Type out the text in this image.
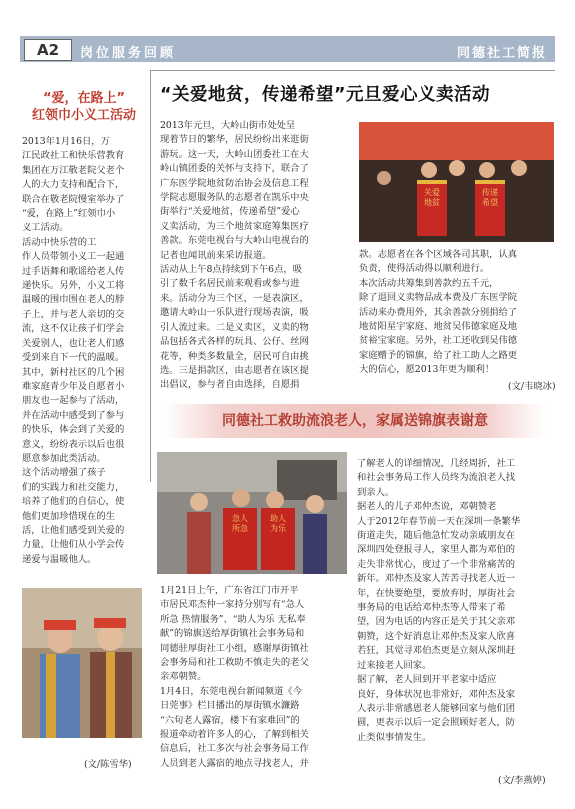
A2	岗位服务回顾	同德社工简报
“爱，在路上”
红领巾小义工活动
2013年1月16日，万
江民政社工和快乐营教育
集团在万江敬老院父老个
人的大力支持和配合下，
联合在敬老院慢室举办了
“爱，在路上”红领巾小
义工活动。
活动中快乐营的工
作人员带领小义工一起通
过手语舞和歌谣给老人传
递快乐。另外，小义工将
温暖的围巾围在老人的脖
子上，并与老人亲切的交
流，这不仅让孩子们学会
关爱别人，也让老人们感
受到来自下一代的温暖。
其中，新村社区的几个困
难家庭青少年及自愿者小
朋友也一起参与了活动，
并在活动中感受到了参与
的快乐，体会到了关爱的
意义，纷纷表示以后也很
愿意参加此类活动。
这个活动增强了孩子
们的实践力和社交能力，
培养了他们的自信心，使
他们更加珍惜现在的生
活，让他们感受到关爱的
力量，让他们从小学会传
递爱与温暖他人。
(文/陈雪华)
“关爱地贫，传递希望”元旦爱心义卖活动
2013年元旦，大岭山街市处处呈
现着节日的繁华，居民纷纷出来逛街
游玩。这一天，大岭山团委社工在大
岭山镇团委的关怀与支持下，联合了
广东医学院地贫防治协会及信息工程
学院志愿服务队的志愿者在凯乐中央
街举行“关爱地贫，传递希望”爱心
义卖活动，为三个地贫家庭筹集医疗
善款。东莞电视台与大岭山电视台的
记者也闻讯前来采访报道。
活动从上午8点持续到下午6点，吸
引了数千名居民前来观看或参与进
来。活动分为三个区，一是表演区，
邀请大岭山一乐队进行现场表演，吸
引人流过来。二是义卖区，义卖的物
品包括各式各样的玩具、公仔、丝网
花等，种类多数量全，居民可自由挑
选。三是捐款区，由志愿者在该区提
出倡议，参与者自由选择，自愿捐
关爱地贫
传递希望
款。志愿者在各个区域各司其职，认真
负责，使得活动得以顺利进行。
本次活动共筹集到善款约五千元，
除了退回义卖物品成本费及广东医学院
活动来办费用外，其余善款分别捐给了
地贫阳星宇家庭、地贫吴伟德家庭及地
贫裕宝家庭。另外，社工还收到吴伟德
家庭赠予的锦旗，给了社工助人之路更
大的信心，愿2013年更为顺利！
(文/韦晓冰)
同德社工救助流浪老人，家属送锦旗表谢意
急人所急
助人为乐
1月21日上午，广东省江门市开平
市居民邓杰仲一家持分别写有“急人
所急 热情服务”、“助人为乐 无私奉
献”的锦旗送给厚街镇社会事务局和
同德驻厚街社工小组，感谢厚街镇社
会事务局和社工救助不慎走失的老父
亲邓朝赞。
1月4日，东莞电视台新闻频道《今
日莞事》栏目播出的厚街镇水濂路
“六旬老人露宿，楼下有家难回”的
报道牵动着许多人的心，了解到相关
信息后，社工多次与社会事务局工作
人员到老人露宿的地点寻找老人，并
了解老人的详细情况，几经周折，社工
和社会事务局工作人员终为流浪老人找
到亲人。
据老人的儿子邓仲杰说，邓朝赞老
人于2012年春节前一天在深圳一条繁华
街道走失，随后他急忙发动亲戚朋友在
深圳四处登报寻人，家里人都为邓伯的
走失非常忧心，度过了一个非常痛苦的
新年。邓仲杰及家人苦苦寻找老人近一
年，在快要绝望，要放弃时，厚街社会
事务局的电话给邓仲杰等人带来了希
望，因为电话的内容正是关于其父亲邓
朝赞，这个好消息让邓仲杰及家人欣喜
若狂，其觉寻邓伯杰更是立刻从深圳赶
过来接老人回家。
据了解，老人回到开平老家中适应
良好，身体状况也非常好，邓仲杰及家
人表示非常感恩老人能够回家与他们团
圆，更表示以后一定会照顾好老人，防
止类似事情发生。
(文/李燕婷)
